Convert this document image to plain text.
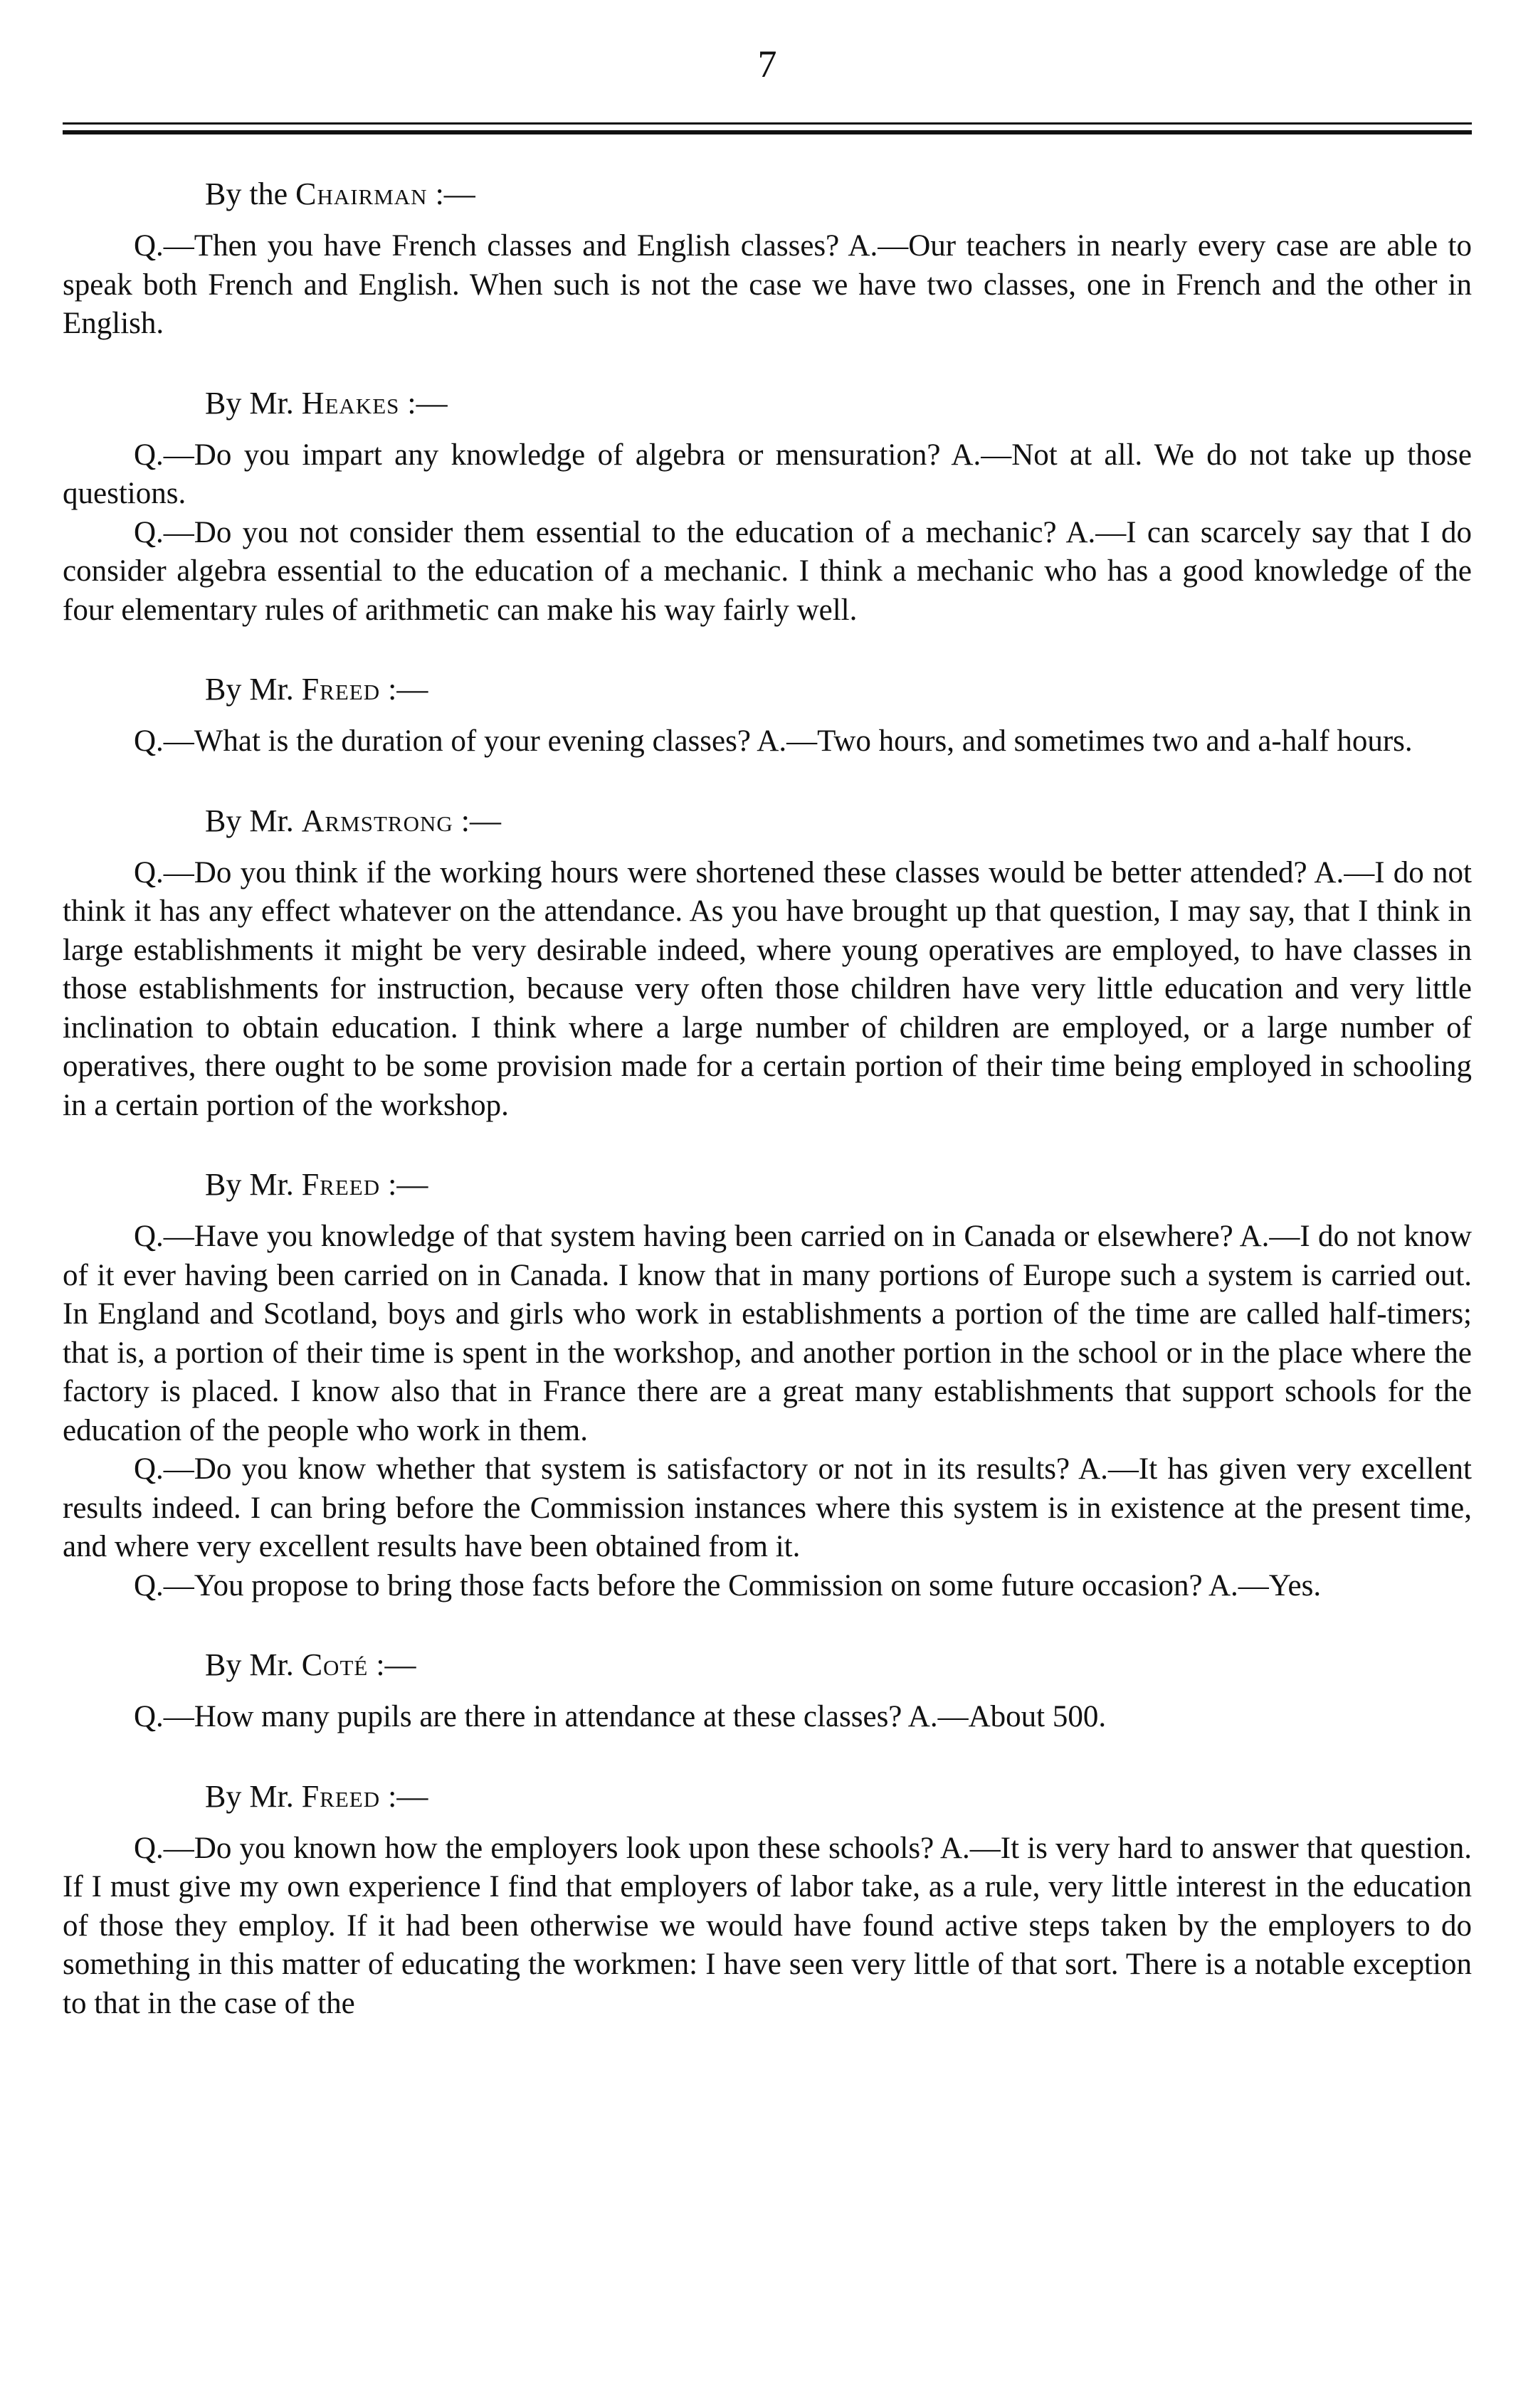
7

By the Chairman :—

Q.—Then you have French classes and English classes? A.—Our teachers in nearly every case are able to speak both French and English. When such is not the case we have two classes, one in French and the other in English.

By Mr. Heakes :—

Q.—Do you impart any knowledge of algebra or mensuration? A.—Not at all. We do not take up those questions.

Q.—Do you not consider them essential to the education of a mechanic? A.—I can scarcely say that I do consider algebra essential to the education of a mechanic. I think a mechanic who has a good knowledge of the four elementary rules of arithmetic can make his way fairly well.

By Mr. Freed :—

Q.—What is the duration of your evening classes? A.—Two hours, and sometimes two and a-half hours.

By Mr. Armstrong :—

Q.—Do you think if the working hours were shortened these classes would be better attended? A.—I do not think it has any effect whatever on the attendance. As you have brought up that question, I may say, that I think in large establishments it might be very desirable indeed, where young operatives are employed, to have classes in those establishments for instruction, because very often those children have very little education and very little inclination to obtain education. I think where a large number of children are employed, or a large number of operatives, there ought to be some provision made for a certain portion of their time being employed in schooling in a certain portion of the workshop.

By Mr. Freed :—

Q.—Have you knowledge of that system having been carried on in Canada or elsewhere? A.—I do not know of it ever having been carried on in Canada. I know that in many portions of Europe such a system is carried out. In England and Scotland, boys and girls who work in establishments a portion of the time are called half-timers; that is, a portion of their time is spent in the workshop, and another portion in the school or in the place where the factory is placed. I know also that in France there are a great many establishments that support schools for the education of the people who work in them.

Q.—Do you know whether that system is satisfactory or not in its results? A.—It has given very excellent results indeed. I can bring before the Commission instances where this system is in existence at the present time, and where very excellent results have been obtained from it.

Q.—You propose to bring those facts before the Commission on some future occasion? A.—Yes.

By Mr. Coté :—

Q.—How many pupils are there in attendance at these classes? A.—About 500.

By Mr. Freed :—

Q.—Do you known how the employers look upon these schools? A.—It is very hard to answer that question. If I must give my own experience I find that employers of labor take, as a rule, very little interest in the education of those they employ. If it had been otherwise we would have found active steps taken by the employers to do something in this matter of educating the workmen: I have seen very little of that sort. There is a notable exception to that in the case of the
